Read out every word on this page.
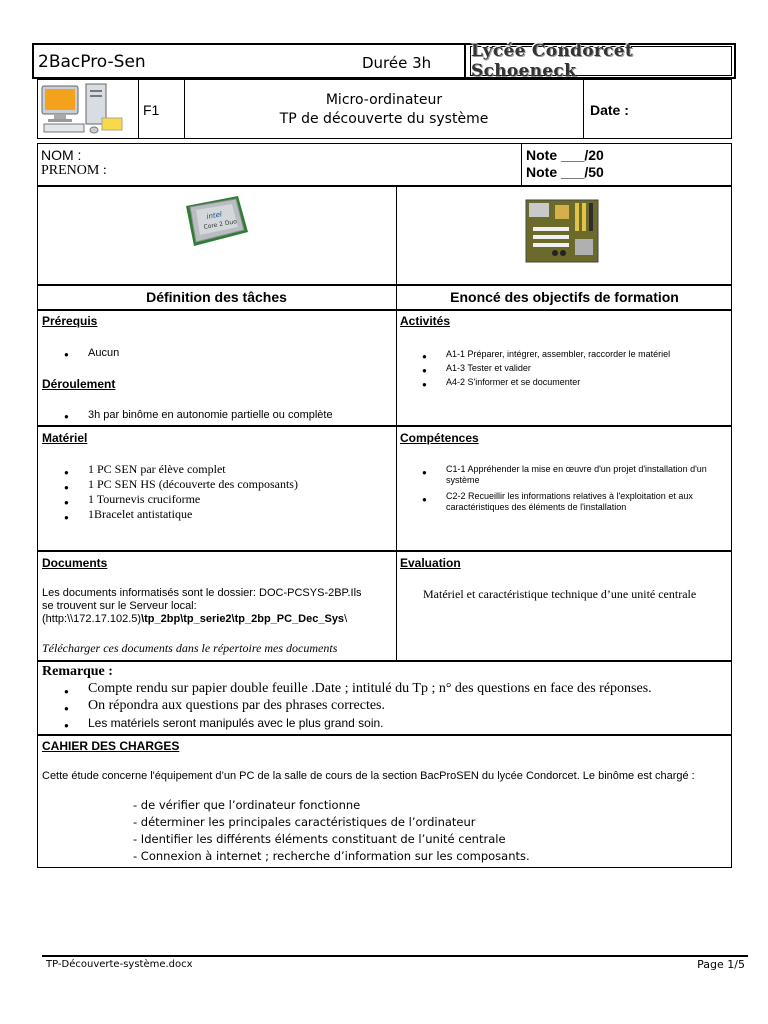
2BacPro-Sen	Durée 3h
Lycée Condorcet Schoeneck
F1
Micro-ordinateur
TP de découverte du système
Date :
NOM :
PRENOM :
Note ___/20
Note ___/50
intel
Core 2 Duo
Définition des tâches	Enoncé des objectifs de formation
Prérequis
● Aucun
Déroulement
● 3h par binôme en autonomie partielle ou complète
Activités
● A1-1 Préparer, intégrer, assembler, raccorder le matériel
● A1-3 Tester et valider
● A4-2 S'informer et se documenter
Matériel
● 1 PC SEN par élève complet
● 1 PC SEN HS (découverte des composants)
● 1 Tournevis cruciforme
● 1Bracelet antistatique
Compétences
● C1-1 Appréhender la mise en œuvre d'un projet d'installation d'un système
● C2-2 Recueillir les informations relatives à l'exploitation et aux caractéristiques des éléments de l'installation
Documents
Les documents informatisés sont le dossier: DOC-PCSYS-2BP.Ils
se trouvent sur le Serveur local:
(http:\\172.17.102.5)\tp_2bp\tp_serie2\tp_2bp_PC_Dec_Sys\
Télécharger ces documents dans le répertoire mes documents
Evaluation
Matériel et caractéristique technique d’une unité centrale
Remarque :
● Compte rendu sur papier double feuille .Date ; intitulé du Tp ; n° des questions en face des réponses.
● On répondra aux questions par des phrases correctes.
● Les matériels seront manipulés avec le plus grand soin.
CAHIER DES CHARGES
Cette étude concerne l'équipement d’un PC de la salle de cours de la section BacProSEN du lycée Condorcet. Le binôme est chargé :
- de vérifier que l’ordinateur fonctionne
- déterminer les principales caractéristiques de l’ordinateur
- Identifier les différents éléments constituant de l’unité centrale
- Connexion à internet ; recherche d’information sur les composants.
TP-Découverte-système.docx	Page 1/5
